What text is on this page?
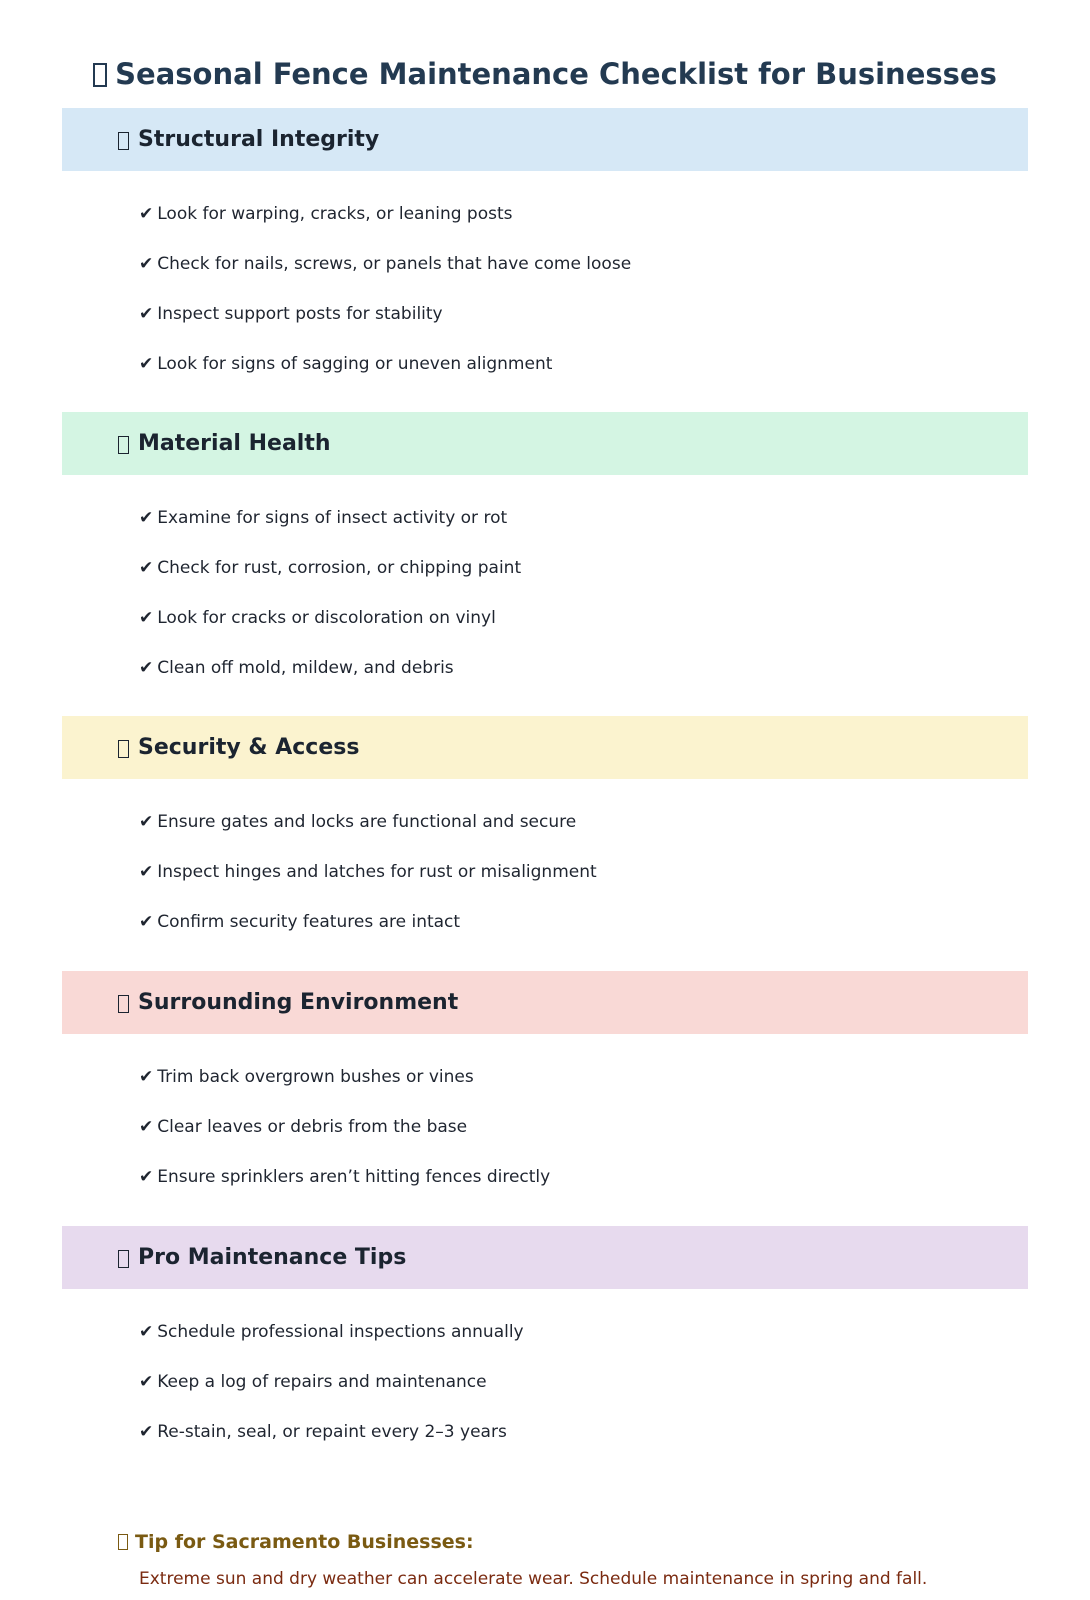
Seasonal Fence Maintenance Checklist for Businesses
Structural Integrity
✔ Look for warping, cracks, or leaning posts
✔ Check for nails, screws, or panels that have come loose
✔ Inspect support posts for stability
✔ Look for signs of sagging or uneven alignment
Material Health
✔ Examine for signs of insect activity or rot
✔ Check for rust, corrosion, or chipping paint
✔ Look for cracks or discoloration on vinyl
✔ Clean off mold, mildew, and debris
Security & Access
✔ Ensure gates and locks are functional and secure
✔ Inspect hinges and latches for rust or misalignment
✔ Confirm security features are intact
Surrounding Environment
✔ Trim back overgrown bushes or vines
✔ Clear leaves or debris from the base
✔ Ensure sprinklers aren’t hitting fences directly
Pro Maintenance Tips
✔ Schedule professional inspections annually
✔ Keep a log of repairs and maintenance
✔ Re-stain, seal, or repaint every 2–3 years
Tip for Sacramento Businesses:
Extreme sun and dry weather can accelerate wear. Schedule maintenance in spring and fall.
